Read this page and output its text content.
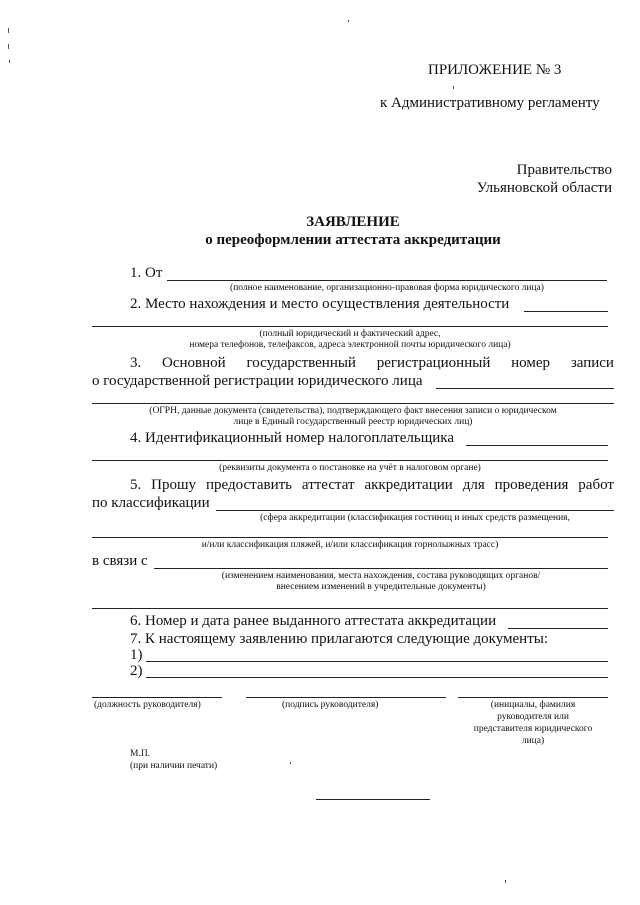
ПРИЛОЖЕНИЕ № 3
к Административному регламенту
Правительство
Ульяновской области
ЗАЯВЛЕНИЕ
о переоформлении аттестата аккредитации
1. От
(полное наименование, организационно-правовая форма юридического лица)
2. Место нахождения и место осуществления деятельности
(полный юридический и фактический адрес,
номера телефонов, телефаксов, адреса электронной почты юридического лица)
3. Основной государственный регистрационный номер записи
о государственной регистрации юридического лица
(ОГРН, данные документа (свидетельства), подтверждающего факт внесения записи о юридическом
лице в Единый государственный реестр юридических лиц)
4. Идентификационный номер налогоплательщика
(реквизиты документа о постановке на учёт в налоговом органе)
5. Прошу предоставить аттестат аккредитации для проведения работ
по классификации
(сфера аккредитации (классификация гостиниц и иных средств размещения,
и/или классификация пляжей, и/или классификация горнолыжных трасс)
в связи с
(изменением наименования, места нахождения, состава руководящих органов/
внесением изменений в учредительные документы)
6. Номер и дата ранее выданного аттестата аккредитации
7. К настоящему заявлению прилагаются следующие документы:
1)
2)
(должность руководителя)	(подпись руководителя)	(инициалы, фамилия
руководителя или
представителя юридического
лица)
М.П.
(при наличии печати)
